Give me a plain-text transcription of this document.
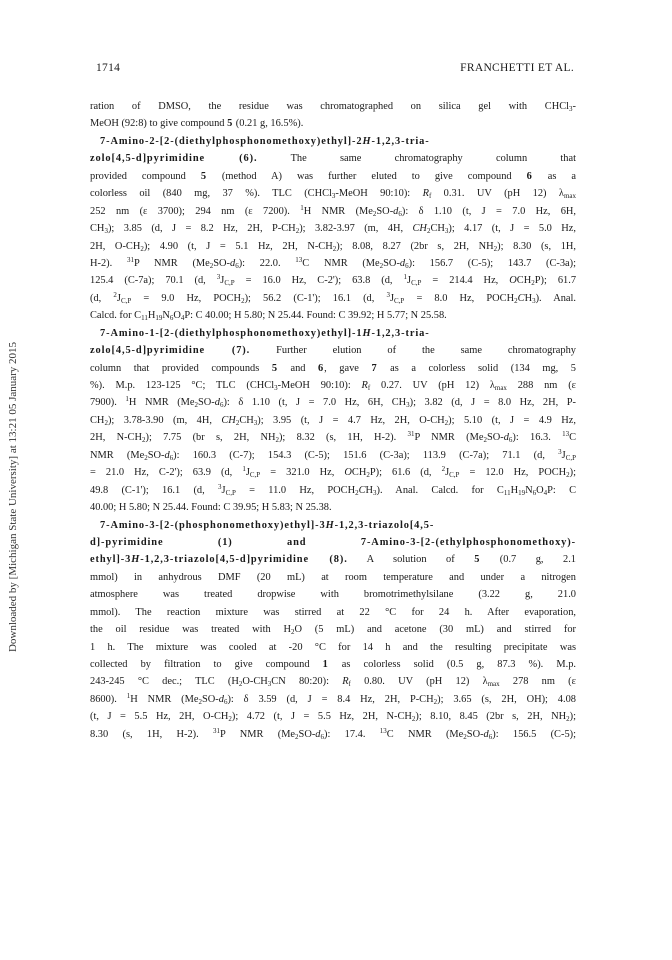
1714	FRANCHETTI ET AL.
Downloaded by [Michigan State University] at 13:21 05 January 2015
ration of DMSO, the residue was chromatographed on silica gel with CHCl$_3$-
MeOH (92:8) to give compound 5 (0.21 g, 16.5%).
7-Amino-2-[2-(diethylphosphonomethoxy)ethyl]-2H-1,2,3-tria-
zolo[4,5-d]pyrimidine (6). The same chromatography column that
provided compound 5 (method A) was further eluted to give compound 6 as a
colorless oil (840 mg, 37 %). TLC (CHCl$_3$-MeOH 90:10): $R_f$ 0.31. UV (pH 12) $\lambda_{max}$
252 nm (ε 3700); 294 nm (ε 7200). $^1$H NMR $(Me_2SO-d_6)$: δ 1.10 (t, J = 7.0 Hz, 6H,
$CH_3$); 3.85 (d, J = 8.2 Hz, 2H, $P-CH_2$); 3.82-3.97 (m, 4H, $CH_2CH_3$); 4.17 (t, J = 5.0 Hz,
2H, $O-CH_2$); 4.90 (t, J = 5.1 Hz, 2H, $N-CH_2$); 8.08, 8.27 (2br s, 2H, $NH_2$); 8.30 (s, 1H,
H-2). $^{31}$P NMR $(Me_2SO-d_6)$: 22.0. $^{13}$C NMR $(Me_2SO-d_6)$: 156.7 (C-5); 143.7 (C-3a);
125.4 (C-7a); 70.1 (d, $^3J_{C,P} = 16.0$ Hz, C-2'); 63.8 (d, $^1J_{C,P} = 214.4$ Hz, $OCH_2P$); 61.7
(d, $^2J_{C,P} = 9.0$ Hz, $POCH_2$); 56.2 (C-1'); 16.1 (d, $^3J_{C,P} = 8.0$ Hz, $POCH_2CH_3$). Anal.
Calcd. for $C_{11}H_{19}N_6O_4P$: C 40.00; H 5.80; N 25.44. Found: C 39.92; H 5.77; N 25.58.
7-Amino-1-[2-(diethylphosphonomethoxy)ethyl]-1H-1,2,3-tria-
zolo[4,5-d]pyrimidine (7). Further elution of the same chromatography
column that provided compounds 5 and 6, gave 7 as a colorless solid (134 mg, 5
%). M.p. 123-125 °C; TLC (CHCl$_3$-MeOH 90:10): $R_f$ 0.27. UV (pH 12) $\lambda_{max}$ 288 nm (ε
7900). $^1$H NMR $(Me_2SO-d_6)$: δ 1.10 (t, J = 7.0 Hz, 6H, $CH_3$); 3.82 (d, J = 8.0 Hz, 2H, P-
$CH_2$); 3.78-3.90 (m, 4H, $CH_2CH_3$); 3.95 (t, J = 4.7 Hz, 2H, $O-CH_2$); 5.10 (t, J = 4.9 Hz,
2H, $N-CH_2$); 7.75 (br s, 2H, $NH_2$); 8.32 (s, 1H, H-2). $^{31}$P NMR $(Me_2SO-d_6)$: 16.3. $^{13}$C
NMR $(Me_2SO-d_6)$: 160.3 (C-7); 154.3 (C-5); 151.6 (C-3a); 113.9 (C-7a); 71.1 (d, $^3J_{C,P}$
= 21.0 Hz, C-2'); 63.9 (d, $^1J_{C,P} = 321.0$ Hz, $OCH_2P$); 61.6 (d, $^2J_{C,P} = 12.0$ Hz, $POCH_2$);
49.8 (C-1'); 16.1 (d, $^3J_{C,P} = 11.0$ Hz, $POCH_2CH_3$). Anal. Calcd. for $C_{11}H_{19}N_6O_4P$: C
40.00; H 5.80; N 25.44. Found: C 39.95; H 5.83; N 25.38.
7-Amino-3-[2-(phosphonomethoxy)ethyl]-3H-1,2,3-triazolo[4,5-
d]-pyrimidine (1) and 7-Amino-3-[2-(ethylphosphonomethoxy)-
ethyl]-3H-1,2,3-triazolo[4,5-d]pyrimidine (8). A solution of 5 (0.7 g, 2.1
mmol) in anhydrous DMF (20 mL) at room temperature and under a nitrogen
atmosphere was treated dropwise with bromotrimethylsilane (3.22 g, 21.0
mmol). The reaction mixture was stirred at 22 °C for 24 h. After evaporation,
the oil residue was treated with $H_2O$ (5 mL) and acetone (30 mL) and stirred for
1 h. The mixture was cooled at -20 °C for 14 h and the resulting precipitate was
collected by filtration to give compound 1 as colorless solid (0.5 g, 87.3 %). M.p.
243-245 °C dec.; TLC ($H_2O-CH_3CN$ 80:20): $R_f$ 0.80. UV (pH 12) $\lambda_{max}$ 278 nm (ε
8600). $^1$H NMR $(Me_2SO-d_6)$: δ 3.59 (d, J = 8.4 Hz, 2H, $P-CH_2$); 3.65 (s, 2H, OH); 4.08
(t, J = 5.5 Hz, 2H, $O-CH_2$); 4.72 (t, J = 5.5 Hz, 2H, $N-CH_2$); 8.10, 8.45 (2br s, 2H, $NH_2$);
8.30 (s, 1H, H-2). $^{31}$P NMR $(Me_2SO-d_6)$: 17.4. $^{13}$C NMR $(Me_2SO-d_6)$: 156.5 (C-5);
